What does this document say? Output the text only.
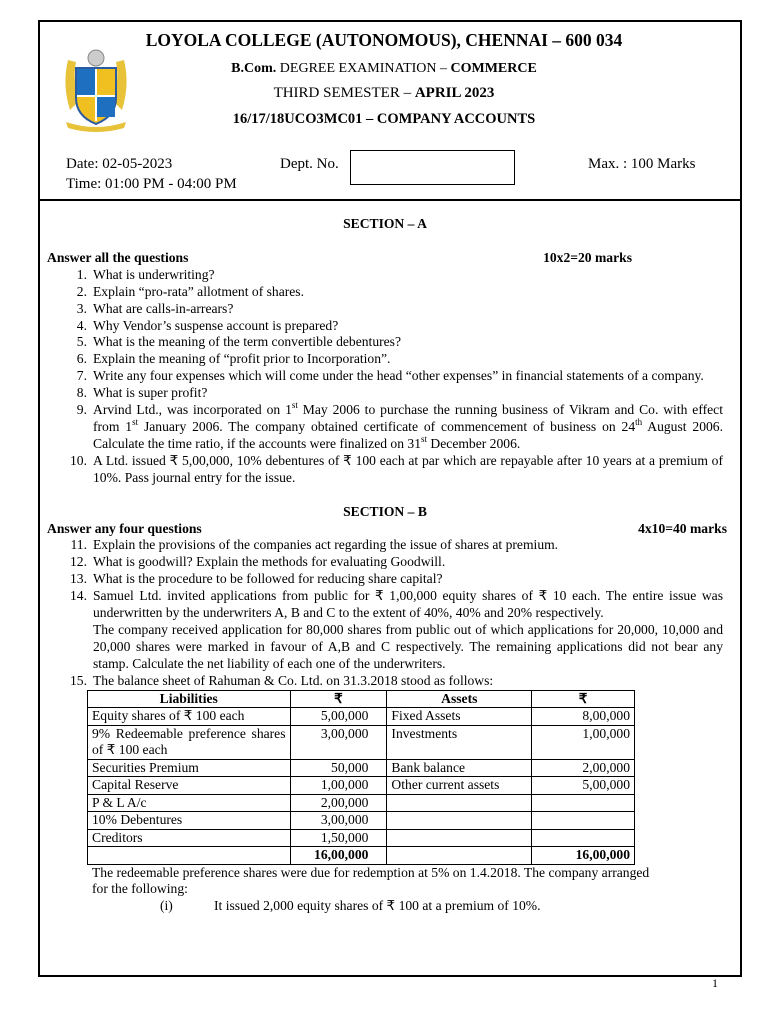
LOYOLA COLLEGE (AUTONOMOUS), CHENNAI – 600 034
B.Com. DEGREE EXAMINATION – COMMERCE
THIRD SEMESTER – APRIL 2023
16/17/18UCO3MC01 – COMPANY ACCOUNTS
Date: 02-05-2023
Time: 01:00 PM - 04:00 PM
Dept. No.	Max. : 100 Marks
SECTION – A
Answer all the questions	10x2=20 marks
1. What is underwriting?

2. Explain “pro-rata” allotment of shares.

3. What are calls-in-arrears?

4. Why Vendor’s suspense account is prepared?

5. What is the meaning of the term convertible debentures?

6. Explain the meaning of “profit prior to Incorporation”.

7. Write any four expenses which will come under the head “other expenses” in financial statements of a company.

8. What is super profit?

9. Arvind Ltd., was incorporated on 1st May 2006 to purchase the running business of Vikram and Co. with effect from 1st January 2006. The company obtained certificate of commencement of business on 24th August 2006. Calculate the time ratio, if the accounts were finalized on 31st December 2006.

10. A Ltd. issued ₹ 5,00,000, 10% debentures of ₹ 100 each at par which are repayable after 10 years at a premium of 10%. Pass journal entry for the issue.

SECTION – B
Answer any four questions	4x10=40 marks
11. Explain the provisions of the companies act regarding the issue of shares at premium.

12. What is goodwill? Explain the methods for evaluating Goodwill.

13. What is the procedure to be followed for reducing share capital?

14. Samuel Ltd. invited applications from public for ₹ 1,00,000 equity shares of ₹ 10 each. The entire issue was underwritten by the underwriters A, B and C to the extent of 40%, 40% and 20% respectively.

The company received application for 80,000 shares from public out of which applications for 20,000, 10,000 and 20,000 shares were marked in favour of A,B and C respectively. The remaining applications did not bear any stamp. Calculate the net liability of each one of the underwriters.

15. The balance sheet of Rahuman & Co. Ltd. on 31.3.2018 stood as follows:

Liabilities	₹	Assets	₹
Equity shares of ₹ 100 each	5,00,000	Fixed Assets	8,00,000
9% Redeemable preference shares of ₹ 100 each	3,00,000	Investments	1,00,000
Securities Premium	50,000	Bank balance	2,00,000
Capital Reserve	1,00,000	Other current assets	5,00,000
P & L A/c	2,00,000		
10% Debentures	3,00,000		
Creditors	1,50,000		
	16,00,000		16,00,000
The redeemable preference shares were due for redemption at 5% on 1.4.2018. The company arranged for the following:
(i)	It issued 2,000 equity shares of ₹ 100 at a premium of 10%.
1
